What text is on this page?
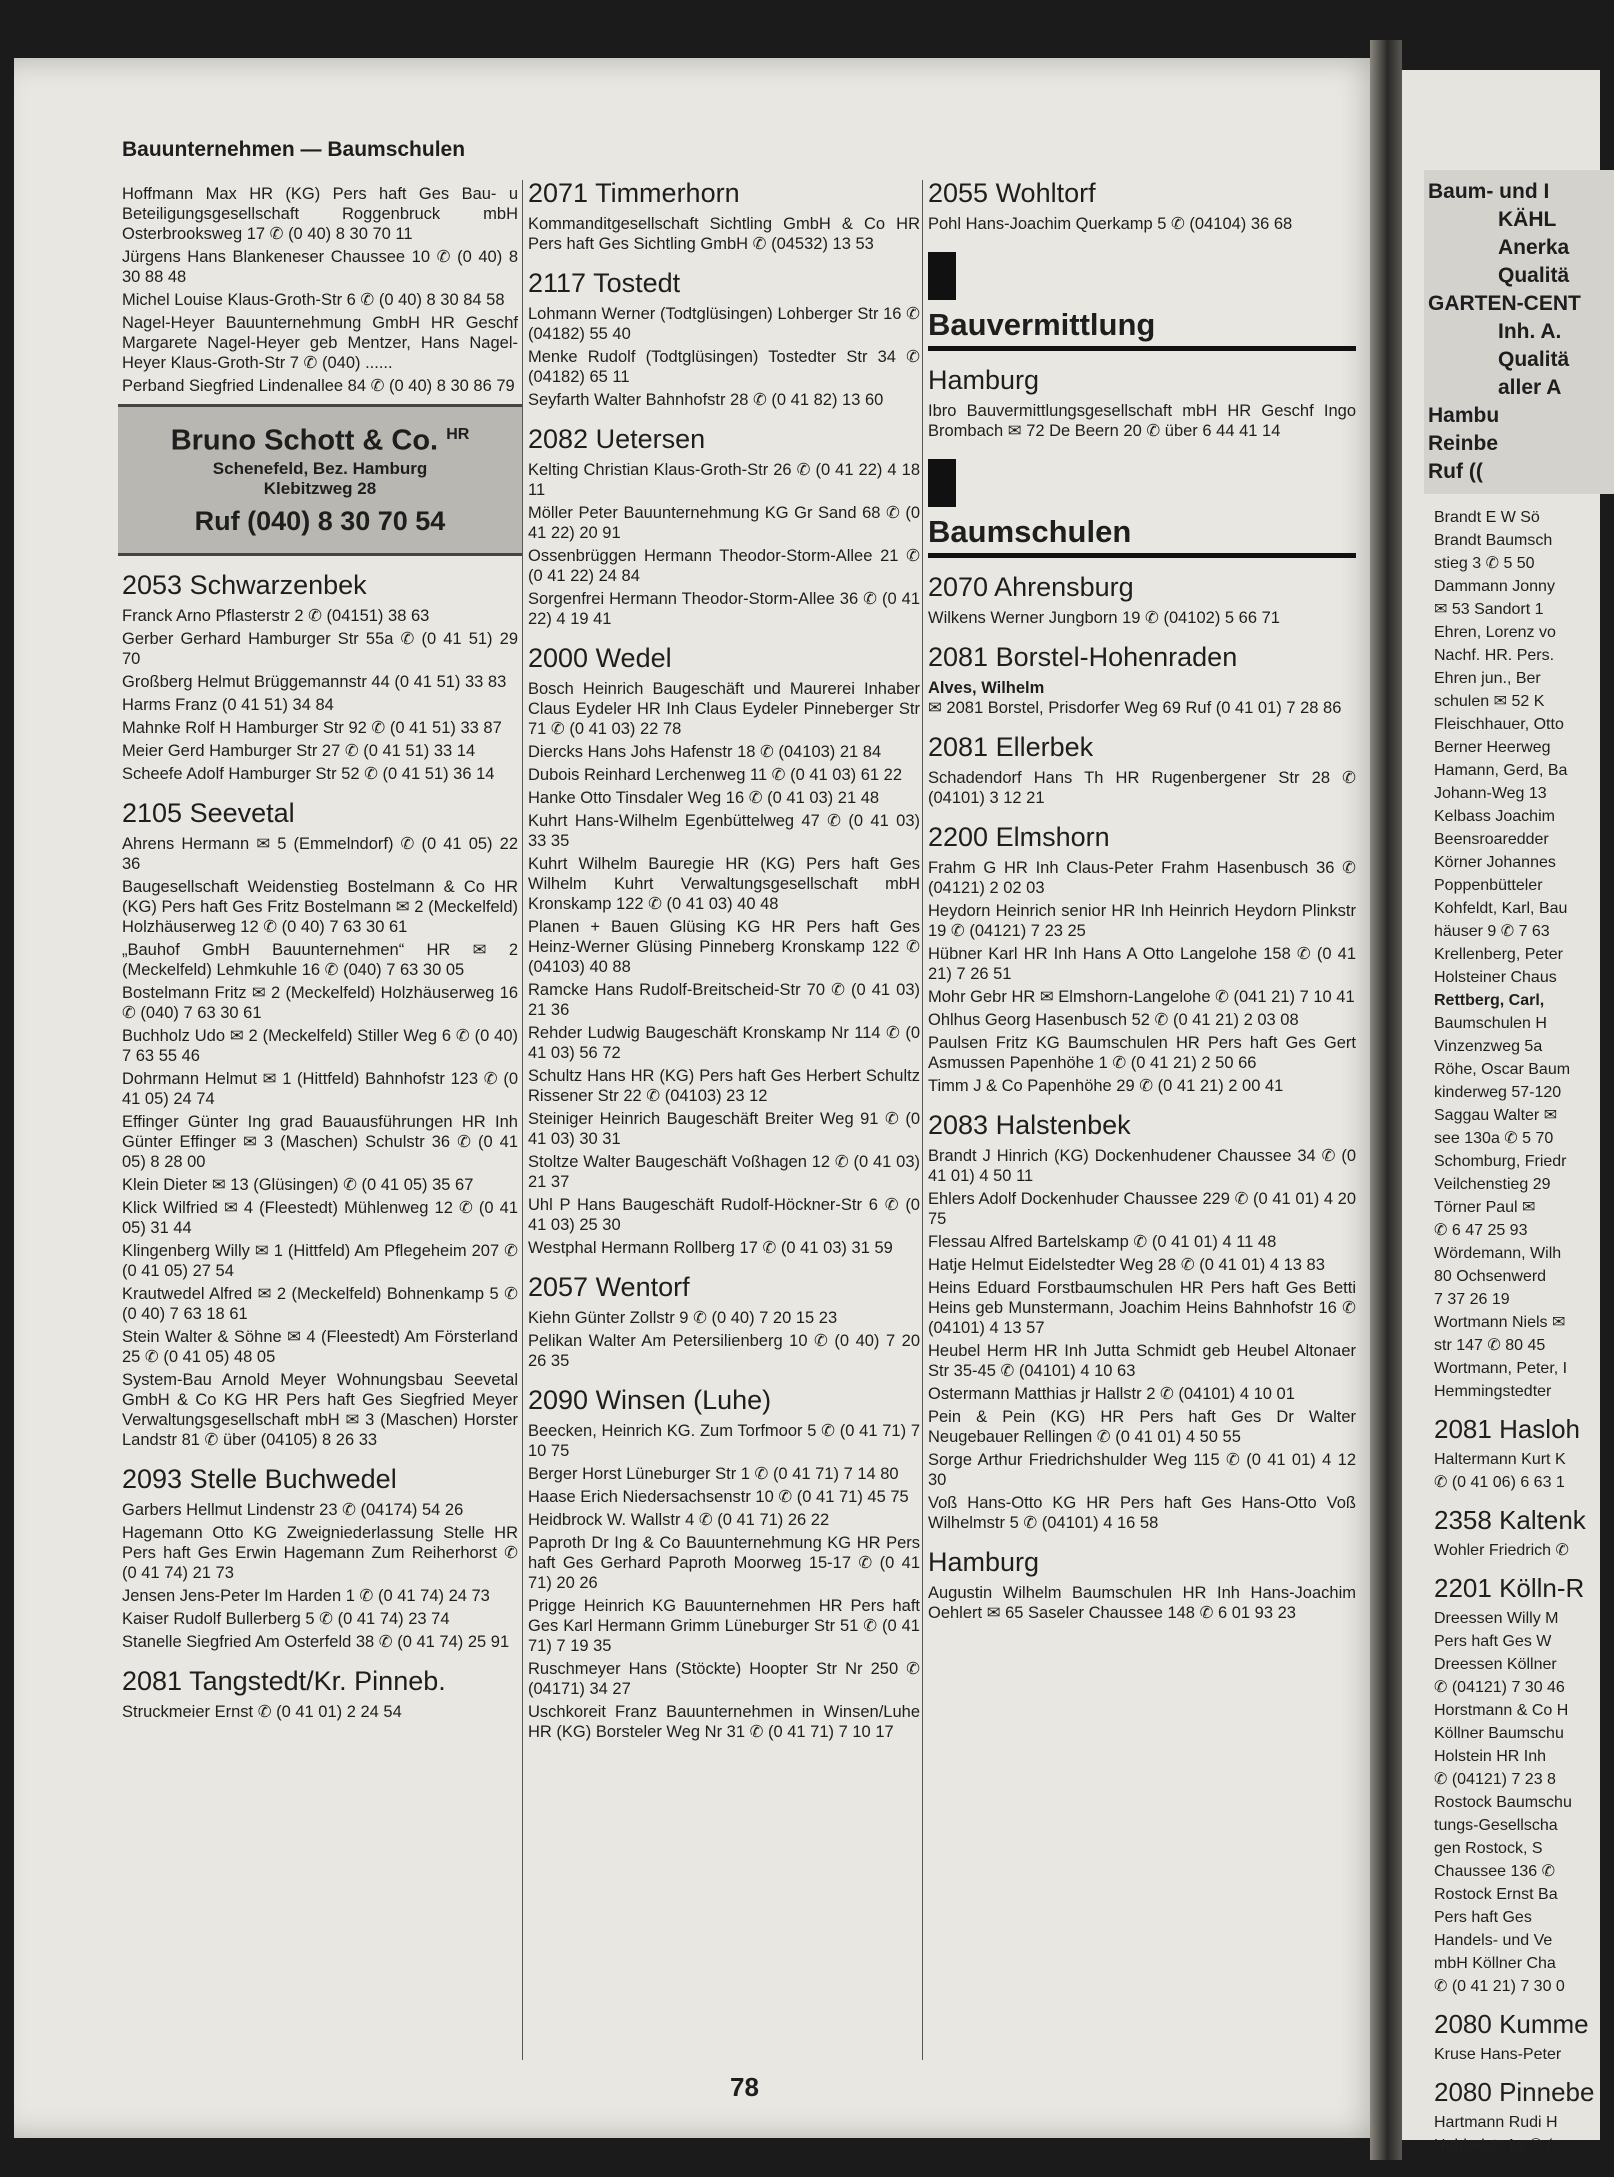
Baum- und I
KÄHL
Anerka
Qualitä
GARTEN-CENT
Inh. A.
Qualitä
aller A
Hambu
Reinbe
Ruf ((
Brandt E W Sö
Brandt Baumsch
stieg 3 ✆ 5 50
Dammann Jonny
✉ 53 Sandort 1
Ehren, Lorenz vo
Nachf. HR. Pers.
Ehren jun., Ber
schulen ✉ 52 K
Fleischhauer, Otto
Berner Heerweg
Hamann, Gerd, Ba
Johann-Weg 13
Kelbass Joachim
Beensroaredder
Körner Johannes
Poppenbütteler
Kohfeldt, Karl, Bau
häuser 9 ✆ 7 63
Krellenberg, Peter
Holsteiner Chaus
Rettberg, Carl,
Baumschulen H
Vinzenzweg 5a
Röhe, Oscar Baum
kinderweg 57-120
Saggau Walter ✉
see 130a ✆ 5 70
Schomburg, Friedr
Veilchenstieg 29
Törner Paul ✉
✆ 6 47 25 93
Wördemann, Wilh
80 Ochsenwerd
7 37 26 19
Wortmann Niels ✉
str 147 ✆ 80 45
Wortmann, Peter, I
Hemmingstedter
2081 Hasloh
Haltermann Kurt K
✆ (0 41 06) 6 63 1
2358 Kaltenk
Wohler Friedrich ✆
2201 Kölln-R
Dreessen Willy M
Pers haft Ges W
Dreessen Köllner
✆ (04121) 7 30 46
Horstmann & Co H
Köllner Baumschu
Holstein HR Inh
✆ (04121) 7 23 8
Rostock Baumschu
tungs-Gesellscha
gen Rostock, S
Chaussee 136 ✆
Rostock Ernst Ba
Pers haft Ges
Handels- und Ve
mbH Köllner Cha
✆ (0 41 21) 7 30 0
2080 Kumme
Kruse Hans-Peter
2080 Pinnebe
Hartmann Rudi H
Hebbelstr 1a ✆ (
Bauunternehmen — Baumschulen
Hoffmann Max HR (KG) Pers haft Ges Bau- u Beteiligungsgesellschaft Roggenbruck mbH Osterbrooksweg 17 ✆ (0 40) 8 30 70 11
Jürgens Hans Blankeneser Chaussee 10 ✆ (0 40) 8 30 88 48
Michel Louise Klaus-Groth-Str 6 ✆ (0 40) 8 30 84 58
Nagel-Heyer Bauunternehmung GmbH HR Geschf Margarete Nagel-Heyer geb Mentzer, Hans Nagel-Heyer Klaus-Groth-Str 7 ✆ (040) ......
Perband Siegfried Lindenallee 84 ✆ (0 40) 8 30 86 79
Bruno Schott & Co. $^{HR}$
Schenefeld, Bez. Hamburg
Klebitzweg 28
Ruf (040) 8 30 70 54
2053 Schwarzenbek
Franck Arno Pflasterstr 2 ✆ (04151) 38 63
Gerber Gerhard Hamburger Str 55a ✆ (0 41 51) 29 70
Großberg Helmut Brüggemannstr 44 (0 41 51) 33 83
Harms Franz (0 41 51) 34 84
Mahnke Rolf H Hamburger Str 92 ✆ (0 41 51) 33 87
Meier Gerd Hamburger Str 27 ✆ (0 41 51) 33 14
Scheefe Adolf Hamburger Str 52 ✆ (0 41 51) 36 14
2105 Seevetal
Ahrens Hermann ✉ 5 (Emmelndorf) ✆ (0 41 05) 22 36
Baugesellschaft Weidenstieg Bostelmann & Co HR (KG) Pers haft Ges Fritz Bostelmann ✉ 2 (Meckelfeld) Holzhäuserweg 12 ✆ (0 40) 7 63 30 61
„Bauhof GmbH Bauunternehmen“ HR ✉ 2 (Meckelfeld) Lehmkuhle 16 ✆ (040) 7 63 30 05
Bostelmann Fritz ✉ 2 (Meckelfeld) Holzhäuserweg 16 ✆ (040) 7 63 30 61
Buchholz Udo ✉ 2 (Meckelfeld) Stiller Weg 6 ✆ (0 40) 7 63 55 46
Dohrmann Helmut ✉ 1 (Hittfeld) Bahnhofstr 123 ✆ (0 41 05) 24 74
Effinger Günter Ing grad Bauausführungen HR Inh Günter Effinger ✉ 3 (Maschen) Schulstr 36 ✆ (0 41 05) 8 28 00
Klein Dieter ✉ 13 (Glüsingen) ✆ (0 41 05) 35 67
Klick Wilfried ✉ 4 (Fleestedt) Mühlenweg 12 ✆ (0 41 05) 31 44
Klingenberg Willy ✉ 1 (Hittfeld) Am Pflegeheim 207 ✆ (0 41 05) 27 54
Krautwedel Alfred ✉ 2 (Meckelfeld) Bohnenkamp 5 ✆ (0 40) 7 63 18 61
Stein Walter & Söhne ✉ 4 (Fleestedt) Am Försterland 25 ✆ (0 41 05) 48 05
System-Bau Arnold Meyer Wohnungsbau Seevetal GmbH & Co KG HR Pers haft Ges Siegfried Meyer Verwaltungsgesellschaft mbH ✉ 3 (Maschen) Horster Landstr 81 ✆ über (04105) 8 26 33
2093 Stelle Buchwedel
Garbers Hellmut Lindenstr 23 ✆ (04174) 54 26
Hagemann Otto KG Zweigniederlassung Stelle HR Pers haft Ges Erwin Hagemann Zum Reiherhorst ✆ (0 41 74) 21 73
Jensen Jens-Peter Im Harden 1 ✆ (0 41 74) 24 73
Kaiser Rudolf Bullerberg 5 ✆ (0 41 74) 23 74
Stanelle Siegfried Am Osterfeld 38 ✆ (0 41 74) 25 91
2081 Tangstedt/Kr. Pinneb.
Struckmeier Ernst ✆ (0 41 01) 2 24 54
2071 Timmerhorn
Kommanditgesellschaft Sichtling GmbH & Co HR Pers haft Ges Sichtling GmbH ✆ (04532) 13 53
2117 Tostedt
Lohmann Werner (Todtglüsingen) Lohberger Str 16 ✆ (04182) 55 40
Menke Rudolf (Todtglüsingen) Tostedter Str 34 ✆ (04182) 65 11
Seyfarth Walter Bahnhofstr 28 ✆ (0 41 82) 13 60
2082 Uetersen
Kelting Christian Klaus-Groth-Str 26 ✆ (0 41 22) 4 18 11
Möller Peter Bauunternehmung KG Gr Sand 68 ✆ (0 41 22) 20 91
Ossenbrüggen Hermann Theodor-Storm-Allee 21 ✆ (0 41 22) 24 84
Sorgenfrei Hermann Theodor-Storm-Allee 36 ✆ (0 41 22) 4 19 41
2000 Wedel
Bosch Heinrich Baugeschäft und Maurerei Inhaber Claus Eydeler HR Inh Claus Eydeler Pinneberger Str 71 ✆ (0 41 03) 22 78
Diercks Hans Johs Hafenstr 18 ✆ (04103) 21 84
Dubois Reinhard Lerchenweg 11 ✆ (0 41 03) 61 22
Hanke Otto Tinsdaler Weg 16 ✆ (0 41 03) 21 48
Kuhrt Hans-Wilhelm Egenbüttelweg 47 ✆ (0 41 03) 33 35
Kuhrt Wilhelm Bauregie HR (KG) Pers haft Ges Wilhelm Kuhrt Verwaltungsgesellschaft mbH Kronskamp 122 ✆ (0 41 03) 40 48
Planen + Bauen Glüsing KG HR Pers haft Ges Heinz-Werner Glüsing Pinneberg Kronskamp 122 ✆ (04103) 40 88
Ramcke Hans Rudolf-Breitscheid-Str 70 ✆ (0 41 03) 21 36
Rehder Ludwig Baugeschäft Kronskamp Nr 114 ✆ (0 41 03) 56 72
Schultz Hans HR (KG) Pers haft Ges Herbert Schultz Rissener Str 22 ✆ (04103) 23 12
Steiniger Heinrich Baugeschäft Breiter Weg 91 ✆ (0 41 03) 30 31
Stoltze Walter Baugeschäft Voßhagen 12 ✆ (0 41 03) 21 37
Uhl P Hans Baugeschäft Rudolf-Höckner-Str 6 ✆ (0 41 03) 25 30
Westphal Hermann Rollberg 17 ✆ (0 41 03) 31 59
2057 Wentorf
Kiehn Günter Zollstr 9 ✆ (0 40) 7 20 15 23
Pelikan Walter Am Petersilienberg 10 ✆ (0 40) 7 20 26 35
2090 Winsen (Luhe)
Beecken, Heinrich KG. Zum Torfmoor 5 ✆ (0 41 71) 7 10 75
Berger Horst Lüneburger Str 1 ✆ (0 41 71) 7 14 80
Haase Erich Niedersachsenstr 10 ✆ (0 41 71) 45 75
Heidbrock W. Wallstr 4 ✆ (0 41 71) 26 22
Paproth Dr Ing & Co Bauunternehmung KG HR Pers haft Ges Gerhard Paproth Moorweg 15-17 ✆ (0 41 71) 20 26
Prigge Heinrich KG Bauunternehmen HR Pers haft Ges Karl Hermann Grimm Lüneburger Str 51 ✆ (0 41 71) 7 19 35
Ruschmeyer Hans (Stöckte) Hoopter Str Nr 250 ✆ (04171) 34 27
Uschkoreit Franz Bauunternehmen in Winsen/Luhe HR (KG) Borsteler Weg Nr 31 ✆ (0 41 71) 7 10 17
2055 Wohltorf
Pohl Hans-Joachim Querkamp 5 ✆ (04104) 36 68
Bauvermittlung
Hamburg
Ibro Bauvermittlungsgesellschaft mbH HR Geschf Ingo Brombach ✉ 72 De Beern 20 ✆ über 6 44 41 14
Baumschulen
2070 Ahrensburg
Wilkens Werner Jungborn 19 ✆ (04102) 5 66 71
2081 Borstel-Hohenraden
Alves, Wilhelm
✉ 2081 Borstel, Prisdorfer Weg 69 Ruf (0 41 01) 7 28 86
2081 Ellerbek
Schadendorf Hans Th HR Rugenbergener Str 28 ✆ (04101) 3 12 21
2200 Elmshorn
Frahm G HR Inh Claus-Peter Frahm Hasenbusch 36 ✆ (04121) 2 02 03
Heydorn Heinrich senior HR Inh Heinrich Heydorn Plinkstr 19 ✆ (04121) 7 23 25
Hübner Karl HR Inh Hans A Otto Langelohe 158 ✆ (0 41 21) 7 26 51
Mohr Gebr HR ✉ Elmshorn-Langelohe ✆ (041 21) 7 10 41
Ohlhus Georg Hasenbusch 52 ✆ (0 41 21) 2 03 08
Paulsen Fritz KG Baumschulen HR Pers haft Ges Gert Asmussen Papenhöhe 1 ✆ (0 41 21) 2 50 66
Timm J & Co Papenhöhe 29 ✆ (0 41 21) 2 00 41
2083 Halstenbek
Brandt J Hinrich (KG) Dockenhudener Chaussee 34 ✆ (0 41 01) 4 50 11
Ehlers Adolf Dockenhuder Chaussee 229 ✆ (0 41 01) 4 20 75
Flessau Alfred Bartelskamp ✆ (0 41 01) 4 11 48
Hatje Helmut Eidelstedter Weg 28 ✆ (0 41 01) 4 13 83
Heins Eduard Forstbaumschulen HR Pers haft Ges Betti Heins geb Munstermann, Joachim Heins Bahnhofstr 16 ✆ (04101) 4 13 57
Heubel Herm HR Inh Jutta Schmidt geb Heubel Altonaer Str 35-45 ✆ (04101) 4 10 63
Ostermann Matthias jr Hallstr 2 ✆ (04101) 4 10 01
Pein & Pein (KG) HR Pers haft Ges Dr Walter Neugebauer Rellingen ✆ (0 41 01) 4 50 55
Sorge Arthur Friedrichshulder Weg 115 ✆ (0 41 01) 4 12 30
Voß Hans-Otto KG HR Pers haft Ges Hans-Otto Voß Wilhelmstr 5 ✆ (04101) 4 16 58
Hamburg
Augustin Wilhelm Baumschulen HR Inh Hans-Joachim Oehlert ✉ 65 Saseler Chaussee 148 ✆ 6 01 93 23
78
